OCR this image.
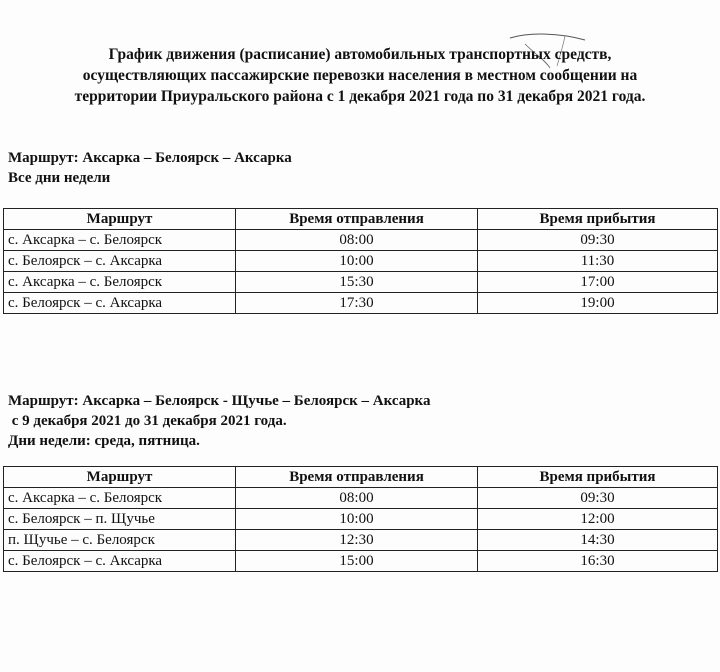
График движения (расписание) автомобильных транспортных средств,
осуществляющих пассажирские перевозки населения в местном сообщении на
территории Приуральского района с 1 декабря 2021 года по 31 декабря 2021 года.
Маршрут: Аксарка – Белоярск – Аксарка
Все дни недели
Маршрут	Время отправления	Время прибытия
с. Аксарка – с. Белоярск	08:00	09:30
с. Белоярск – с. Аксарка	10:00	11:30
с. Аксарка – с. Белоярск	15:30	17:00
с. Белоярск – с. Аксарка	17:30	19:00
Маршрут: Аксарка – Белоярск - Щучье – Белоярск – Аксарка
с 9 декабря 2021 до 31 декабря 2021 года.
Дни недели: среда, пятница.
Маршрут	Время отправления	Время прибытия
с. Аксарка – с. Белоярск	08:00	09:30
с. Белоярск – п. Щучье	10:00	12:00
п. Щучье – с. Белоярск	12:30	14:30
с. Белоярск – с. Аксарка	15:00	16:30
